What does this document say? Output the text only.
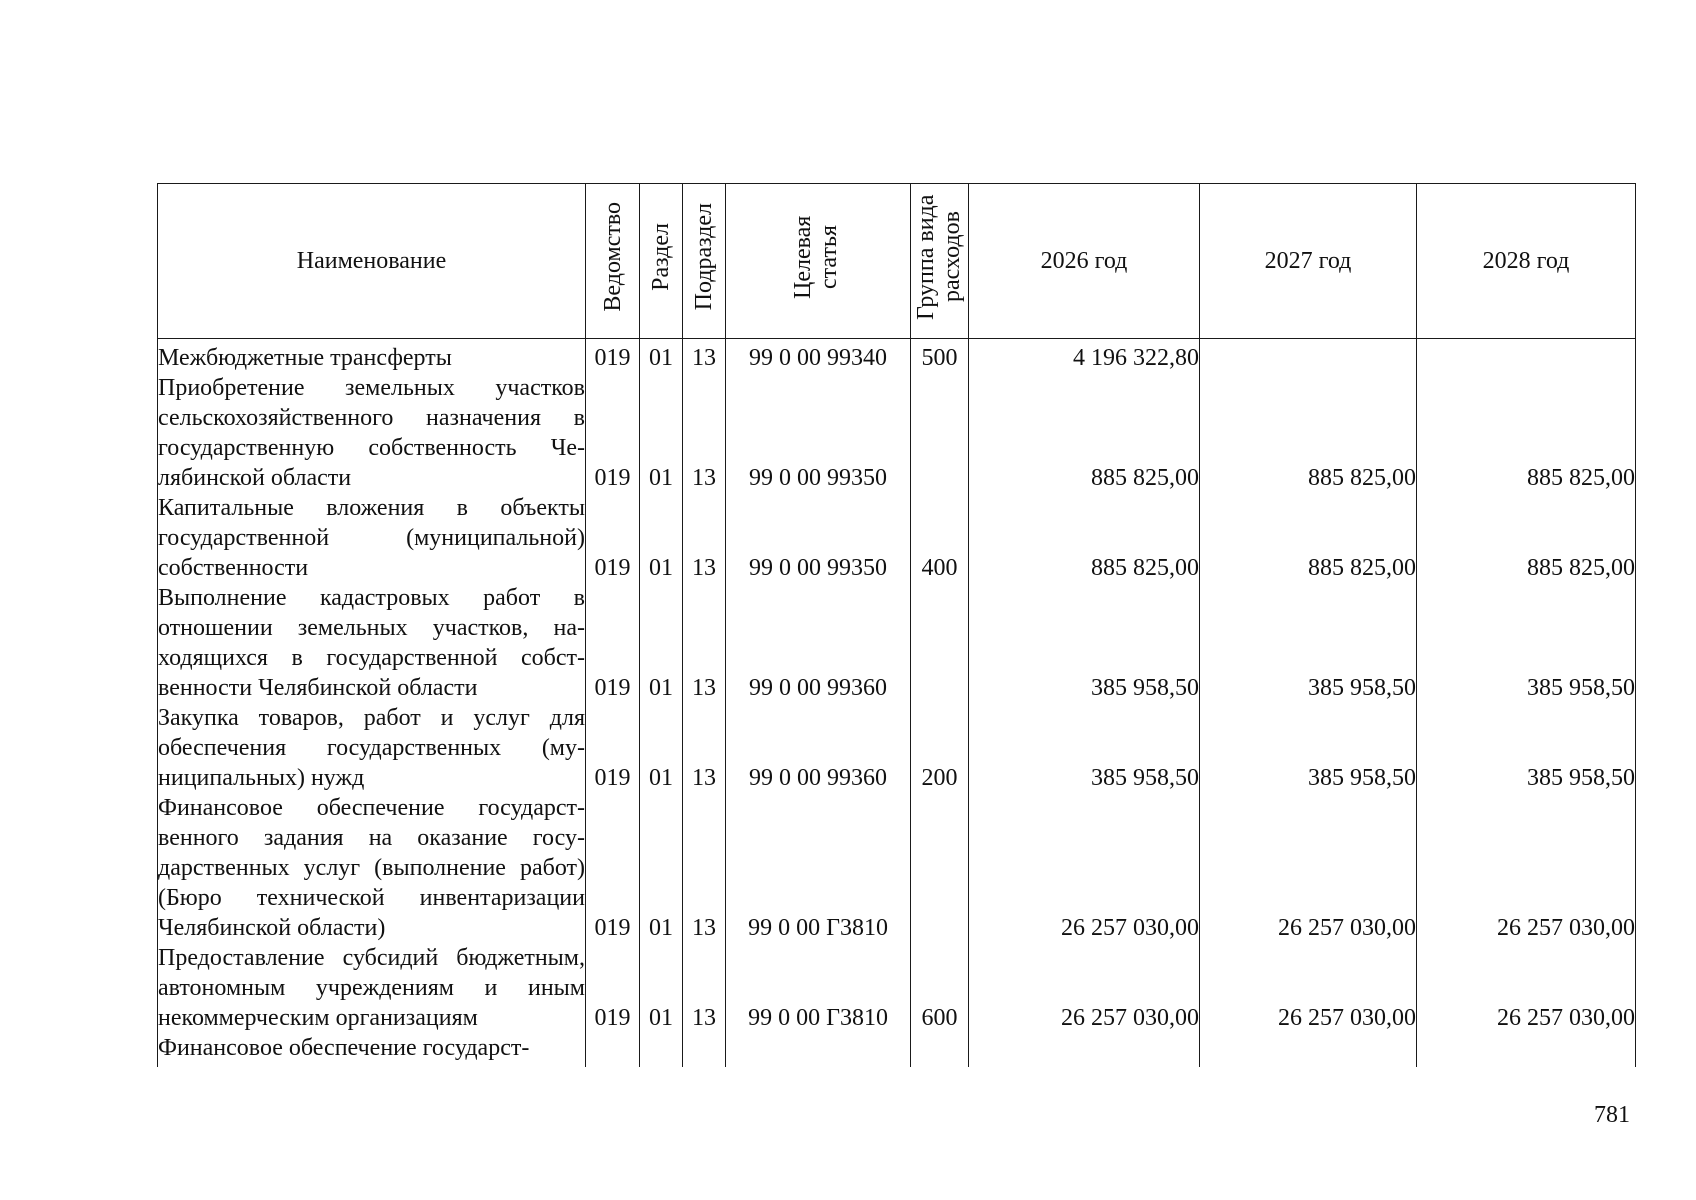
Наименование	Ведомство	Раздел	Подраздел	Целевая статья	Группа вида расходов	2026 год	2027 год	2028 год
Межбюджетные трансферты	019	01	13	99 0 00 99340	500	4 196 322,80		
Приобретение земельных участков сельскохозяйственного назначения в государственную собственность Челябинской области	019	01	13	99 0 00 99350		885 825,00	885 825,00	885 825,00
Капитальные вложения в объекты государственной (муниципальной) собственности	019	01	13	99 0 00 99350	400	885 825,00	885 825,00	885 825,00
Выполнение кадастровых работ в отношении земельных участков, находящихся в государственной собственности Челябинской области	019	01	13	99 0 00 99360		385 958,50	385 958,50	385 958,50
Закупка товаров, работ и услуг для обеспечения государственных (муниципальных) нужд	019	01	13	99 0 00 99360	200	385 958,50	385 958,50	385 958,50
Финансовое обеспечение государственного задания на оказание государственных услуг (выполнение работ) (Бюро технической инвентаризации Челябинской области)	019	01	13	99 0 00 Г3810		26 257 030,00	26 257 030,00	26 257 030,00
Предоставление субсидий бюджетным, автономным учреждениям и иным некоммерческим организациям	019	01	13	99 0 00 Г3810	600	26 257 030,00	26 257 030,00	26 257 030,00
Финансовое обеспечение государст-								
781
